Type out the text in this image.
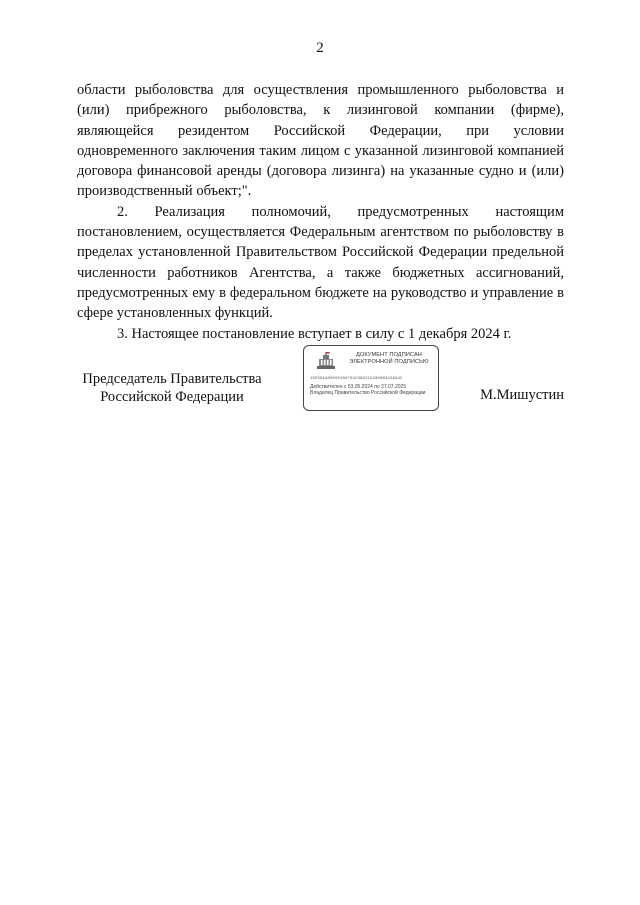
2

области рыболовства для осуществления промышленного рыболовства и (или) прибрежного рыболовства, к лизинговой компании (фирме), являющейся резидентом Российской Федерации, при условии одновременного заключения таким лицом с указанной лизинговой компанией договора финансовой аренды (договора лизинга) на указанные судно и (или) производственный объект;".

2. Реализация полномочий, предусмотренных настоящим постановлением, осуществляется Федеральным агентством по рыболовству в пределах установленной Правительством Российской Федерации предельной численности работников Агентства, а также бюджетных ассигнований, предусмотренных ему в федеральном бюджете на руководство и управление в сфере установленных функций.

3. Настоящее постановление вступает в силу с 1 декабря 2024 г.

Председатель Правительства
Российской Федерации
ДОКУМЕНТ ПОДПИСАН
ЭЛЕКТРОННОЙ ПОДПИСЬЮ
1DE561A00E901B9704C88921533D0B3226A4C
Действителен с 03.05.2024 по 27.07.2025
Владелец Правительство Российской Федерации	М.Мишустин
